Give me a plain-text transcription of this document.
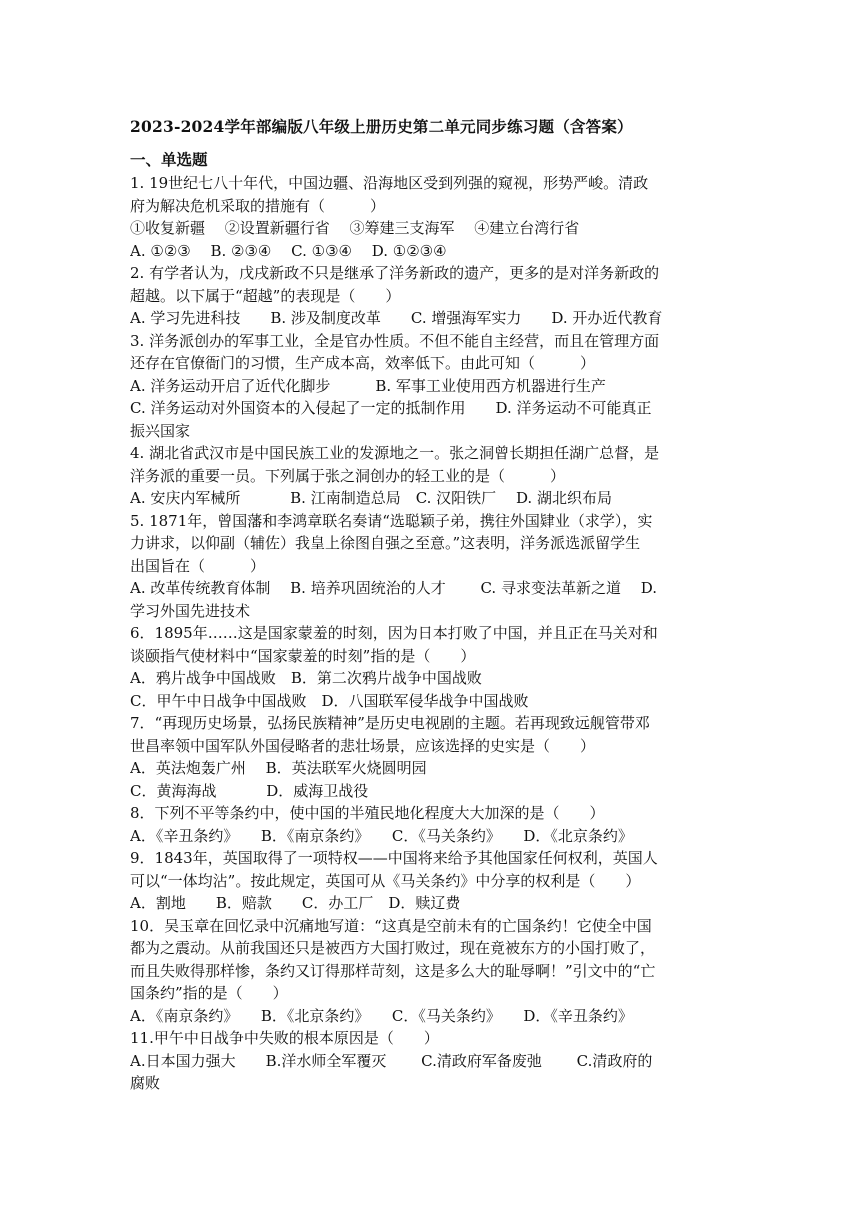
2023-2024学年部编版八年级上册历史第二单元同步练习题（含答案）
一、单选题
1. 19世纪七八十年代，中国边疆、沿海地区受到列强的窥视，形势严峻。清政
府为解决危机采取的措施有（　　　）
①收复新疆　 ②设置新疆行省　 ③筹建三支海军　 ④建立台湾行省
A. ①②③　 B. ②③④　 C. ①③④　 D. ①②③④
2. 有学者认为，戊戌新政不只是继承了洋务新政的遗产，更多的是对洋务新政的
超越。以下属于“超越”的表现是（　　）
A. 学习先进科技　　B. 涉及制度改革　　C. 增强海军实力　　D. 开办近代教育
3. 洋务派创办的军事工业，全是官办性质。不但不能自主经营，而且在管理方面
还存在官僚衙门的习惯，生产成本高，效率低下。由此可知（　　　）
A. 洋务运动开启了近代化脚步　　　B. 军事工业使用西方机器进行生产
C. 洋务运动对外国资本的入侵起了一定的抵制作用　　D. 洋务运动不可能真正
振兴国家
4. 湖北省武汉市是中国民族工业的发源地之一。张之洞曾长期担任湖广总督，是
洋务派的重要一员。下列属于张之洞创办的轻工业的是（　　　）
A. 安庆内军械所　　　 B. 江南制造总局　C. 汉阳铁厂　 D. 湖北织布局
5. 1871年，曾国藩和李鸿章联名奏请“选聪颖子弟，携往外国肄业（求学），实
力讲求，以仰副（辅佐）我皇上徐图自强之至意。”这表明，洋务派选派留学生
出国旨在（　　　）
A. 改革传统教育体制　 B. 培养巩固统治的人才　　 C. 寻求变法革新之道　 D.
学习外国先进技术
6．1895年……这是国家蒙羞的时刻，因为日本打败了中国，并且正在马关对和
谈颐指气使材料中“国家蒙羞的时刻”指的是（　　）
A．鸦片战争中国战败　B．第二次鸦片战争中国战败
C．甲午中日战争中国战败　D．八国联军侵华战争中国战败
7．“再现历史场景，弘扬民族精神”是历史电视剧的主题。若再现致远舰管带邓
世昌率领中国军队外国侵略者的悲壮场景，应该选择的史实是（　　）
A．英法炮轰广州　 B．英法联军火烧圆明园
C．黄海海战　　　 D．威海卫战役
8．下列不平等条约中，使中国的半殖民地化程度大大加深的是（　　）
A．《辛丑条约》　　B．《南京条约》　　C．《马关条约》　　D．《北京条约》
9．1843年，英国取得了一项特权——中国将来给予其他国家任何权利，英国人
可以“一体均沾”。按此规定，英国可从《马关条约》中分享的权利是（　　）
A．割地　　B．赔款　　C．办工厂　D．赎辽费
10．吴玉章在回忆录中沉痛地写道：“这真是空前未有的亡国条约！它使全中国
都为之震动。从前我国还只是被西方大国打败过，现在竟被东方的小国打败了，
而且失败得那样惨，条约又订得那样苛刻，这是多么大的耻辱啊！”引文中的“亡
国条约”指的是（　　）
A．《南京条约》　　B．《北京条约》　　C．《马关条约》　　D．《辛丑条约》
11.甲午中日战争中失败的根本原因是（　　）
A.日本国力强大　　B.洋水师全军覆灭　　 C.清政府军备废弛　　 C.清政府的
腐败
